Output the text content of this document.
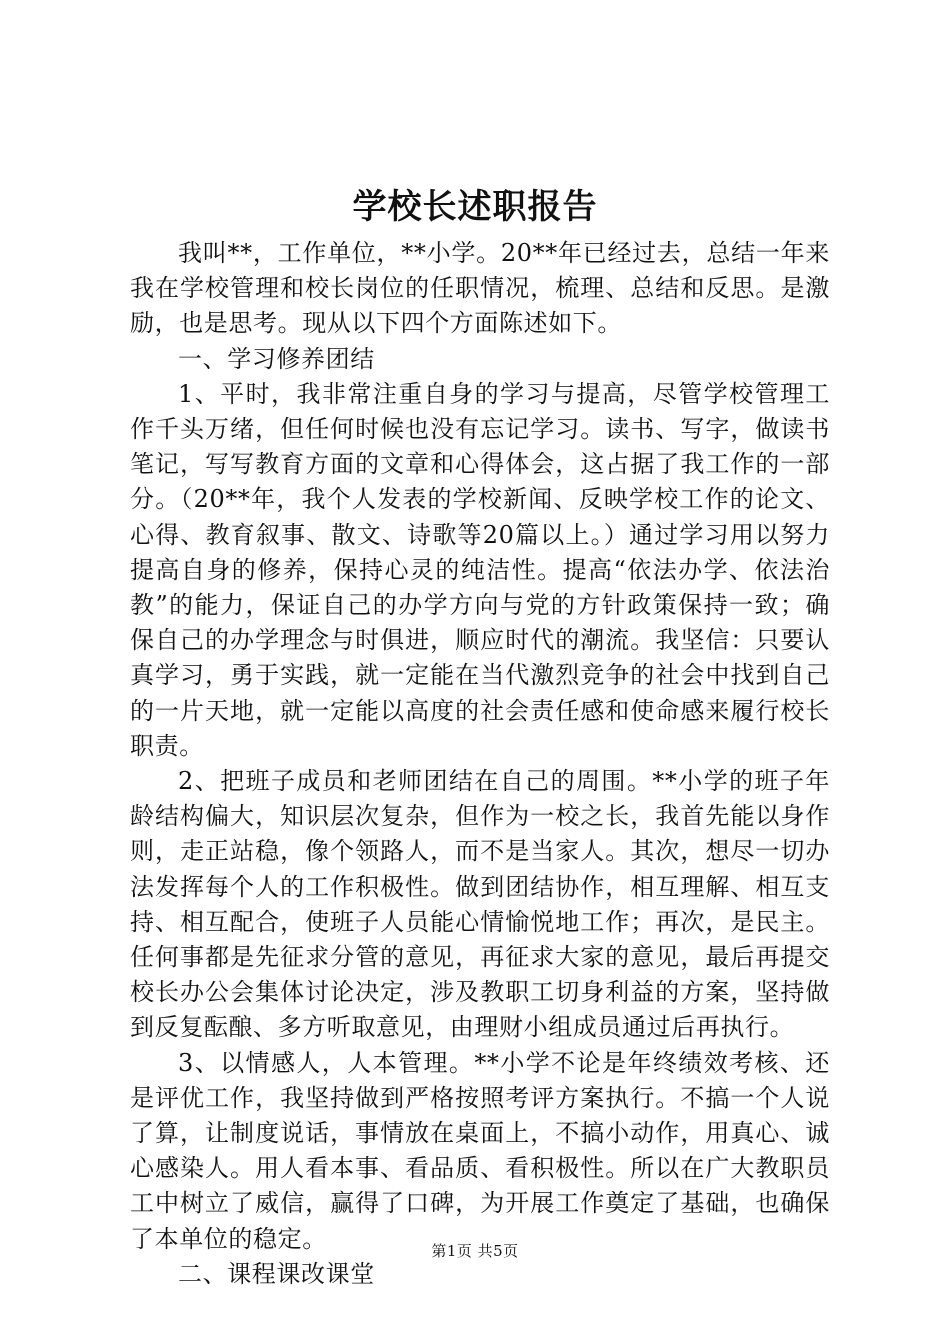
学校长述职报告

我叫**，工作单位，**小学。20**年已经过去，总结一年来我在学校管理和校长岗位的任职情况，梳理、总结和反思。是激励，也是思考。现从以下四个方面陈述如下。

一、学习修养团结

1、平时，我非常注重自身的学习与提高，尽管学校管理工作千头万绪，但任何时候也没有忘记学习。读书、写字，做读书笔记，写写教育方面的文章和心得体会，这占据了我工作的一部分。（20**年，我个人发表的学校新闻、反映学校工作的论文、心得、教育叙事、散文、诗歌等20篇以上。）通过学习用以努力提高自身的修养，保持心灵的纯洁性。提高“依法办学、依法治教”的能力，保证自己的办学方向与党的方针政策保持一致；确保自己的办学理念与时俱进，顺应时代的潮流。我坚信：只要认真学习，勇于实践，就一定能在当代激烈竞争的社会中找到自己的一片天地，就一定能以高度的社会责任感和使命感来履行校长职责。

2、把班子成员和老师团结在自己的周围。**小学的班子年龄结构偏大，知识层次复杂，但作为一校之长，我首先能以身作则，走正站稳，像个领路人，而不是当家人。其次，想尽一切办法发挥每个人的工作积极性。做到团结协作，相互理解、相互支持、相互配合，使班子人员能心情愉悦地工作；再次，是民主。任何事都是先征求分管的意见，再征求大家的意见，最后再提交校长办公会集体讨论决定，涉及教职工切身利益的方案，坚持做到反复酝酿、多方听取意见，由理财小组成员通过后再执行。

3、以情感人，人本管理。**小学不论是年终绩效考核、还是评优工作，我坚持做到严格按照考评方案执行。不搞一个人说了算，让制度说话，事情放在桌面上，不搞小动作，用真心、诚心感染人。用人看本事、看品质、看积极性。所以在广大教职员工中树立了威信，赢得了口碑，为开展工作奠定了基础，也确保了本单位的稳定。

二、课程课改课堂

第1页 共5页
